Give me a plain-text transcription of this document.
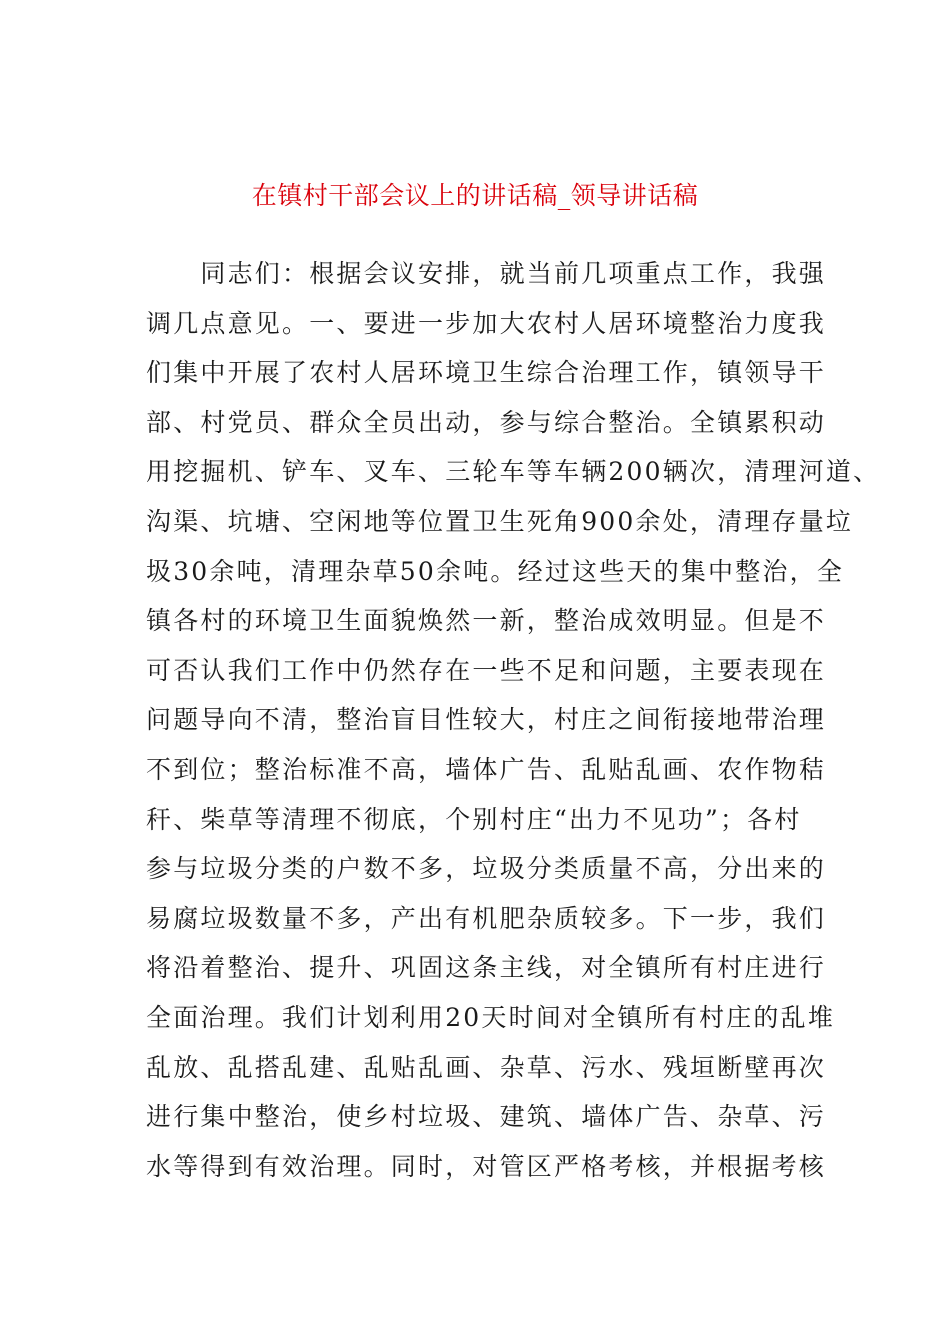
在镇村干部会议上的讲话稿_领导讲话稿
　　同志们：根据会议安排，就当前几项重点工作，我强
调几点意见。一、要进一步加大农村人居环境整治力度我
们集中开展了农村人居环境卫生综合治理工作，镇领导干
部、村党员、群众全员出动，参与综合整治。全镇累积动
用挖掘机、铲车、叉车、三轮车等车辆200辆次，清理河道、
沟渠、坑塘、空闲地等位置卫生死角900余处，清理存量垃
圾30余吨，清理杂草50余吨。经过这些天的集中整治，全
镇各村的环境卫生面貌焕然一新，整治成效明显。但是不
可否认我们工作中仍然存在一些不足和问题，主要表现在
问题导向不清，整治盲目性较大，村庄之间衔接地带治理
不到位；整治标准不高，墙体广告、乱贴乱画、农作物秸
秆、柴草等清理不彻底，个别村庄“出力不见功”；各村
参与垃圾分类的户数不多，垃圾分类质量不高，分出来的
易腐垃圾数量不多，产出有机肥杂质较多。下一步，我们
将沿着整治、提升、巩固这条主线，对全镇所有村庄进行
全面治理。我们计划利用20天时间对全镇所有村庄的乱堆
乱放、乱搭乱建、乱贴乱画、杂草、污水、残垣断壁再次
进行集中整治，使乡村垃圾、建筑、墙体广告、杂草、污
水等得到有效治理。同时，对管区严格考核，并根据考核
